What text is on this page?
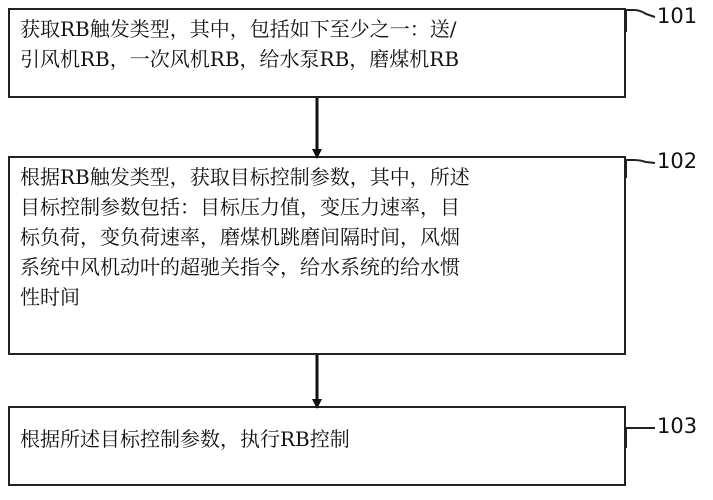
获取RB触发类型，其中，包括如下至少之一：送/
引风机RB，一次风机RB，给水泵RB，磨煤机RB
根据RB触发类型，获取目标控制参数，其中，所述
目标控制参数包括：目标压力值，变压力速率，目
标负荷，变负荷速率，磨煤机跳磨间隔时间，风烟
系统中风机动叶的超驰关指令，给水系统的给水惯
性时间
根据所述目标控制参数，执行RB控制
101
102
103
